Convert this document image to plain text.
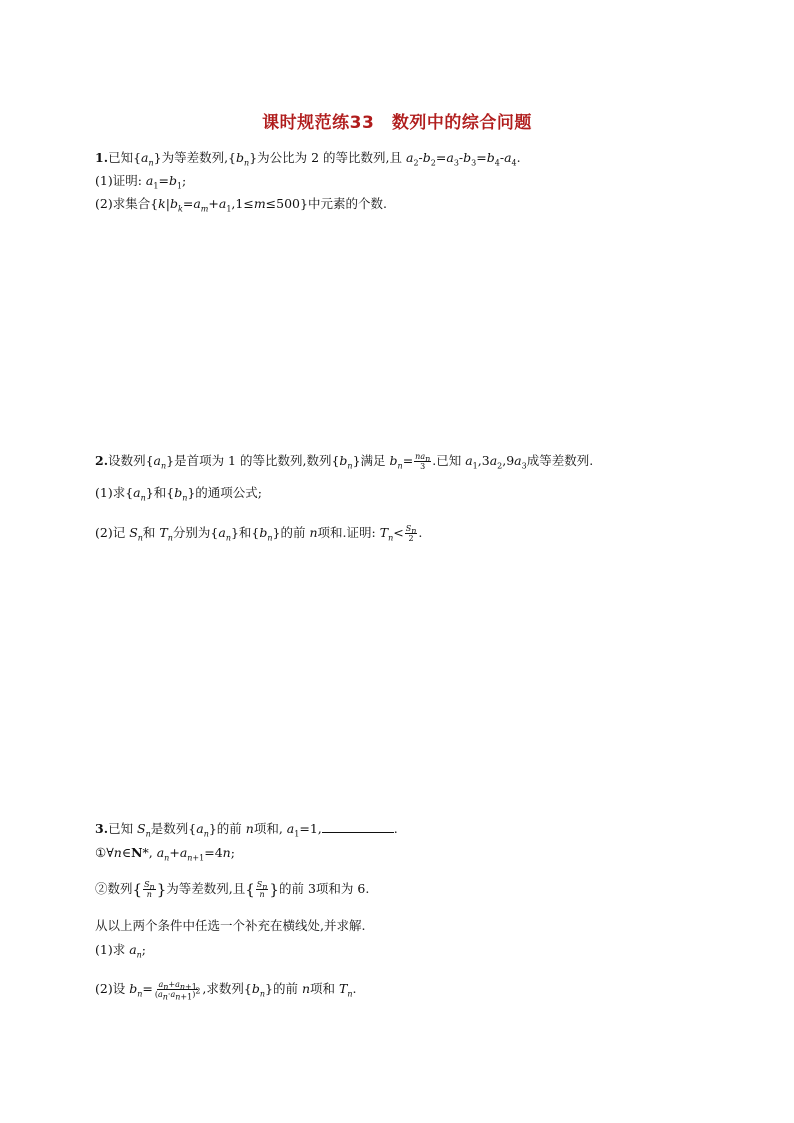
课时规范练33　数列中的综合问题
1.已知$\{a_n\}$为等差数列$,\{b_n\}$为公比为 2 的等比数列,且 $a_2-b_2=a_3-b_3=b_4-a_4$.
(1)证明: $a_1=b_1$;
(2)求集合$\{k|b_k=a_m+a_1,1\le m\le 500\}$中元素的个数.
2.设数列$\{a_n\}$是首项为 1 的等比数列,数列$\{b_n\}$满足 $b_n= \frac{na_n}{3}$ .已知 $a_1,3a_2,9a_3$成等差数列.
(1)求$\{a_n\}$和$\{b_n\}$的通项公式;
(2)记 $S_n$和 $T_n$分别为$\{a_n\}$和$\{b_n\}$的前 n项和.证明: $T_n< \frac{S_n}{2}$ .
3.已知 $S_n$是数列$\{a_n\}$的前 n项和, $a_1=1$,	.
①∀n∈N*, $a_n+a_{n+1}=4n$;
②数列{ $\frac{S_n}{n}$ }为等差数列,且{ $\frac{S_n}{n}$ }的前 3项和为 6.
从以上两个条件中任选一个补充在横线处,并求解.
(1)求 $a_n$;
(2)设 $b_n= \frac{a_n+a_{n+1}}{(a_n\cdot a_{n+1})^2}$ ,求数列$\{b_n\}$的前 n项和 $T_n$.
